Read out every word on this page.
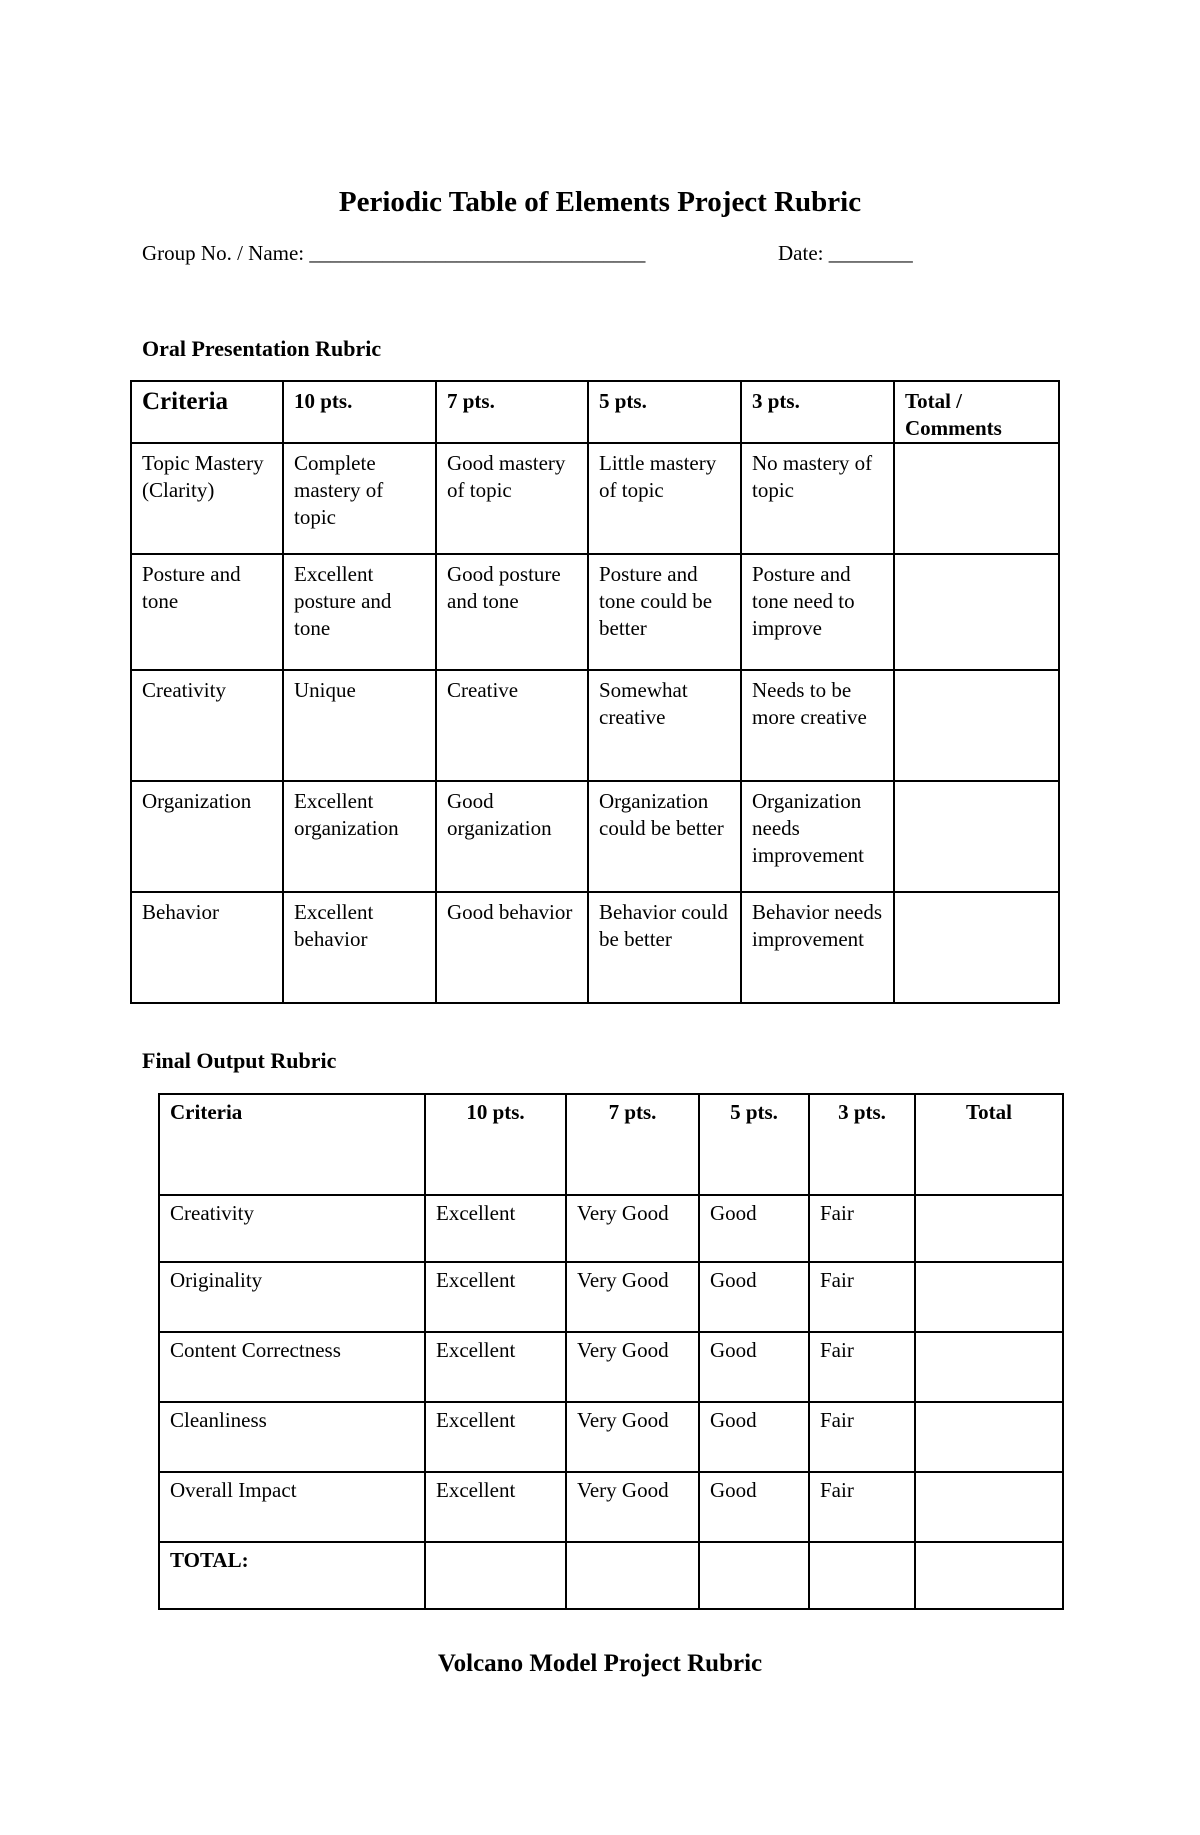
Periodic Table of Elements Project Rubric
Group No. / Name: ________________________________	Date: ________
Oral Presentation Rubric
Criteria	10 pts.	7 pts.	5 pts.	3 pts.	Total / Comments
Topic Mastery (Clarity)	Complete mastery of topic	Good mastery of topic	Little mastery of topic	No mastery of topic	
Posture and tone	Excellent posture and tone	Good posture and tone	Posture and tone could be better	Posture and tone need to improve	
Creativity	Unique	Creative	Somewhat creative	Needs to be more creative	
Organization	Excellent organization	Good organization	Organization could be better	Organization needs improvement	
Behavior	Excellent behavior	Good behavior	Behavior could be better	Behavior needs improvement	
Final Output Rubric
Criteria	10 pts.	7 pts.	5 pts.	3 pts.	Total
Creativity	Excellent	Very Good	Good	Fair	
Originality	Excellent	Very Good	Good	Fair	
Content Correctness	Excellent	Very Good	Good	Fair	
Cleanliness	Excellent	Very Good	Good	Fair	
Overall Impact	Excellent	Very Good	Good	Fair	
TOTAL:					
Volcano Model Project Rubric
